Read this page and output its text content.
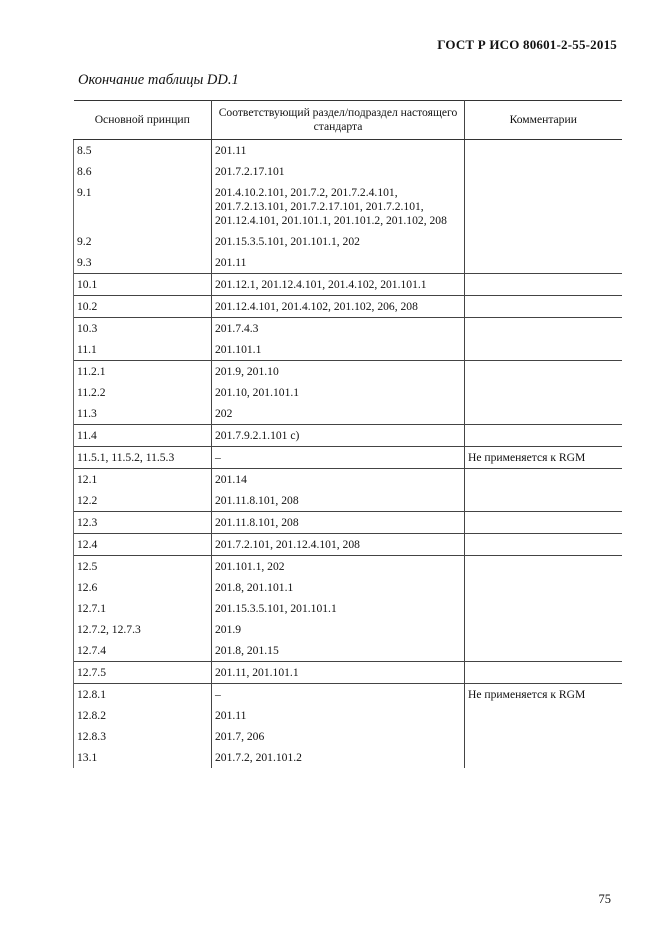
ГОСТ Р ИСО 80601-2-55-2015
Окончание таблицы DD.1
Основной принцип	Соответствующий раздел/подраздел настоящего стандарта	Комментарии
8.5	201.11	
8.6	201.7.2.17.101	
9.1	201.4.10.2.101, 201.7.2, 201.7.2.4.101, 201.7.2.13.101, 201.7.2.17.101, 201.7.2.101, 201.12.4.101, 201.101.1, 201.101.2, 201.102, 208	
9.2	201.15.3.5.101, 201.101.1, 202	
9.3	201.11	
10.1	201.12.1, 201.12.4.101, 201.4.102, 201.101.1	
10.2	201.12.4.101, 201.4.102, 201.102, 206, 208	
10.3	201.7.4.3	
11.1	201.101.1	
11.2.1	201.9, 201.10	
11.2.2	201.10, 201.101.1	
11.3	202	
11.4	201.7.9.2.1.101 c)	
11.5.1, 11.5.2, 11.5.3	–	Не применяется к RGM
12.1	201.14	
12.2	201.11.8.101, 208	
12.3	201.11.8.101, 208	
12.4	201.7.2.101, 201.12.4.101, 208	
12.5	201.101.1, 202	
12.6	201.8, 201.101.1	
12.7.1	201.15.3.5.101, 201.101.1	
12.7.2, 12.7.3	201.9	
12.7.4	201.8, 201.15	
12.7.5	201.11, 201.101.1	
12.8.1	–	Не применяется к RGM
12.8.2	201.11	
12.8.3	201.7, 206	
13.1	201.7.2, 201.101.2	
75
